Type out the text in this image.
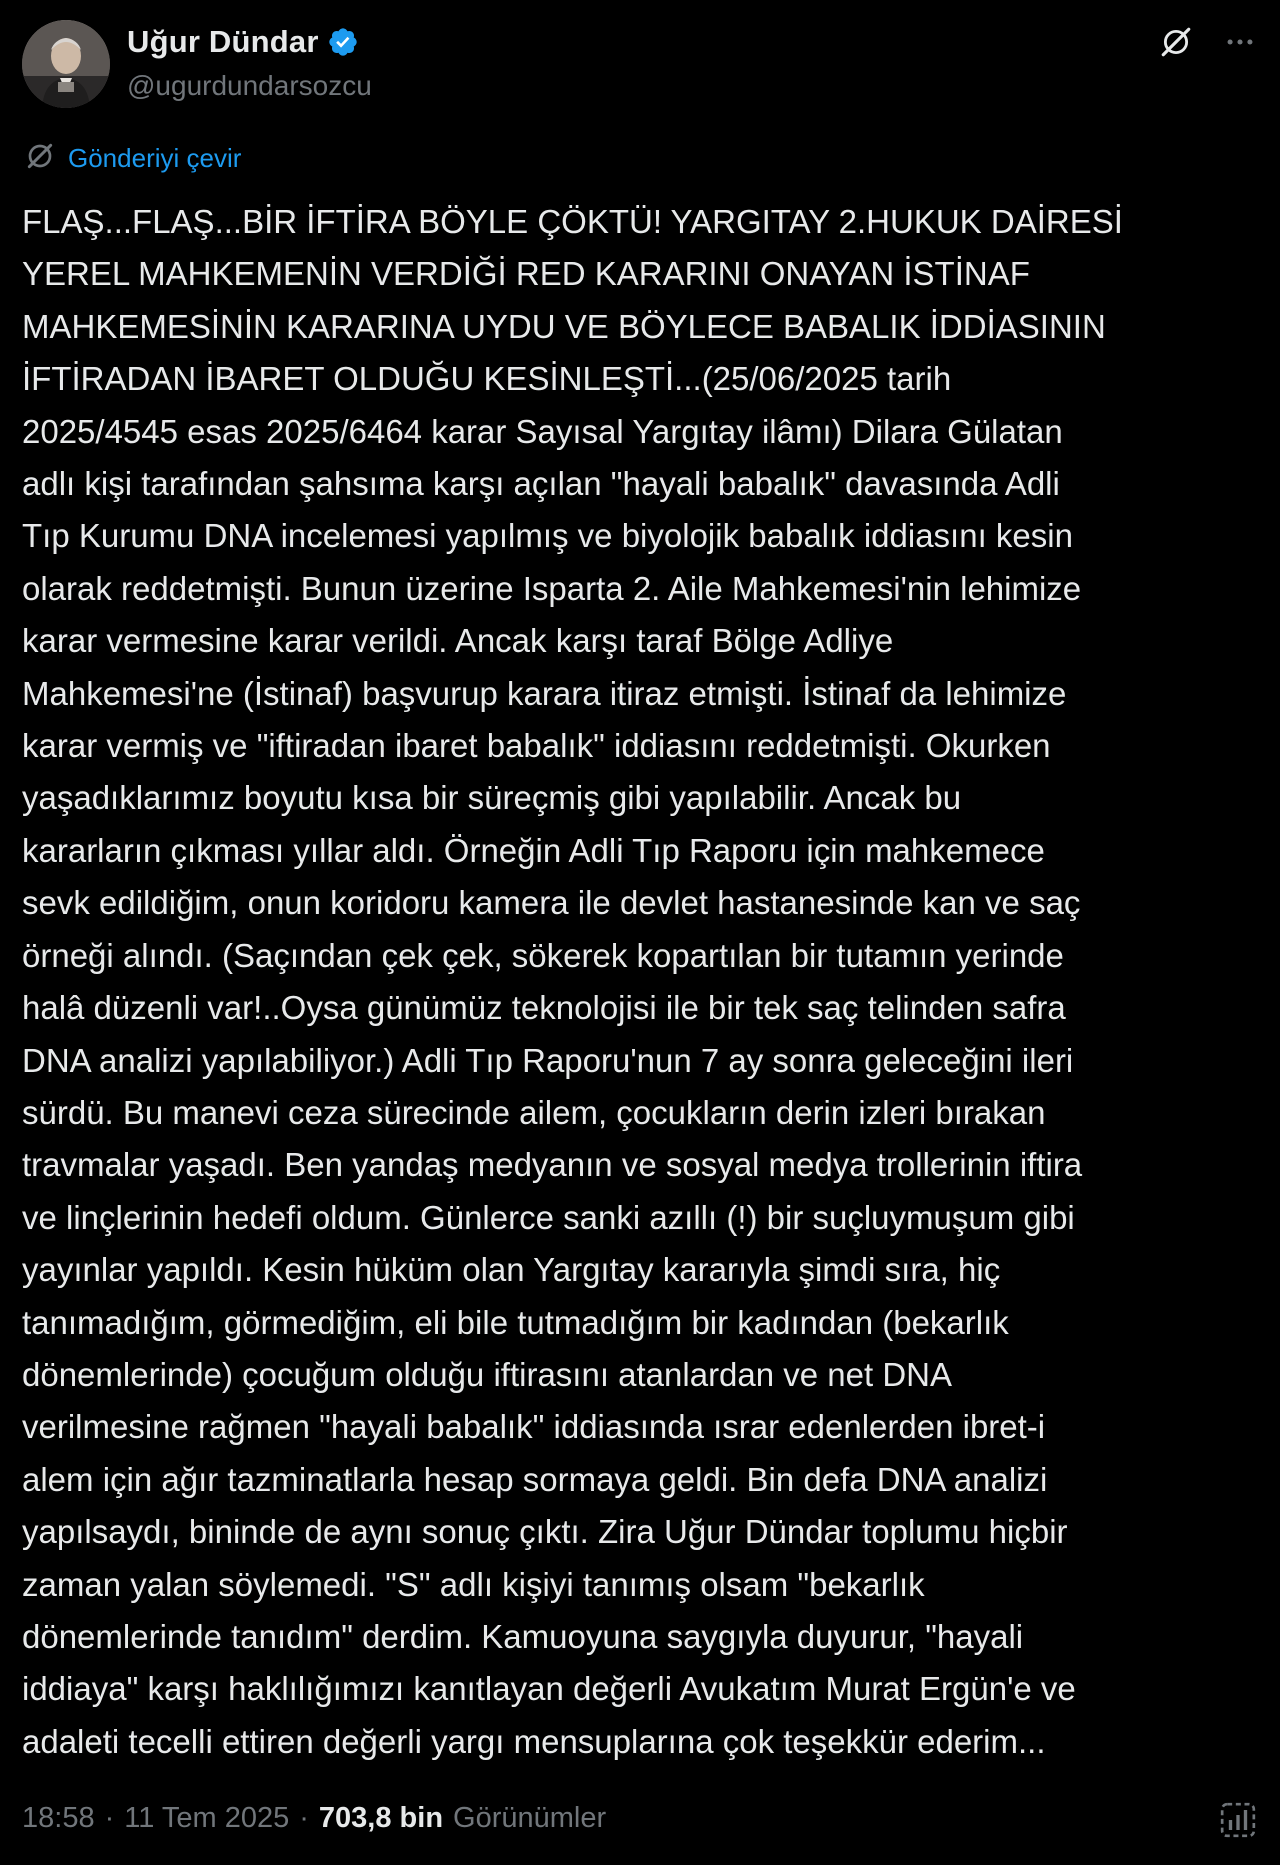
Uğur Dündar
@ugurdundarsozcu
Gönderiyi çevir
FLAŞ...FLAŞ...BİR İFTİRA BÖYLE ÇÖKTÜ! YARGITAY 2.HUKUK DAİRESİ
YEREL MAHKEMENİN VERDİĞİ RED KARARINI ONAYAN İSTİNAF
MAHKEMESİNİN KARARINA UYDU VE BÖYLECE BABALIK İDDİASININ
İFTİRADAN İBARET OLDUĞU KESİNLEŞTİ...(25/06/2025 tarih
2025/4545 esas 2025/6464 karar Sayısal Yargıtay ilâmı) Dilara Gülatan
adlı kişi tarafından şahsıma karşı açılan "hayali babalık" davasında Adli
Tıp Kurumu DNA incelemesi yapılmış ve biyolojik babalık iddiasını kesin
olarak reddetmişti. Bunun üzerine Isparta 2. Aile Mahkemesi'nin lehimize
karar vermesine karar verildi. Ancak karşı taraf Bölge Adliye
Mahkemesi'ne (İstinaf) başvurup karara itiraz etmişti. İstinaf da lehimize
karar vermiş ve "iftiradan ibaret babalık" iddiasını reddetmişti. Okurken
yaşadıklarımız boyutu kısa bir süreçmiş gibi yapılabilir. Ancak bu
kararların çıkması yıllar aldı. Örneğin Adli Tıp Raporu için mahkemece
sevk edildiğim, onun koridoru kamera ile devlet hastanesinde kan ve saç
örneği alındı. (Saçından çek çek, sökerek kopartılan bir tutamın yerinde
halâ düzenli var!..Oysa günümüz teknolojisi ile bir tek saç telinden safra
DNA analizi yapılabiliyor.) Adli Tıp Raporu'nun 7 ay sonra geleceğini ileri
sürdü. Bu manevi ceza sürecinde ailem, çocukların derin izleri bırakan
travmalar yaşadı. Ben yandaş medyanın ve sosyal medya trollerinin iftira
ve linçlerinin hedefi oldum. Günlerce sanki azıllı (!) bir suçluymuşum gibi
yayınlar yapıldı. Kesin hüküm olan Yargıtay kararıyla şimdi sıra, hiç
tanımadığım, görmediğim, eli bile tutmadığım bir kadından (bekarlık
dönemlerinde) çocuğum olduğu iftirasını atanlardan ve net DNA
verilmesine rağmen "hayali babalık" iddiasında ısrar edenlerden ibret-i
alem için ağır tazminatlarla hesap sormaya geldi. Bin defa DNA analizi
yapılsaydı, bininde de aynı sonuç çıktı. Zira Uğur Dündar toplumu hiçbir
zaman yalan söylemedi. "S" adlı kişiyi tanımış olsam "bekarlık
dönemlerinde tanıdım" derdim. Kamuoyuna saygıyla duyurur, "hayali
iddiaya" karşı haklılığımızı kanıtlayan değerli Avukatım Murat Ergün'e ve
adaleti tecelli ettiren değerli yargı mensuplarına çok teşekkür ederim...
18:58 · 11 Tem 2025 · 703,8 bin Görünümler
